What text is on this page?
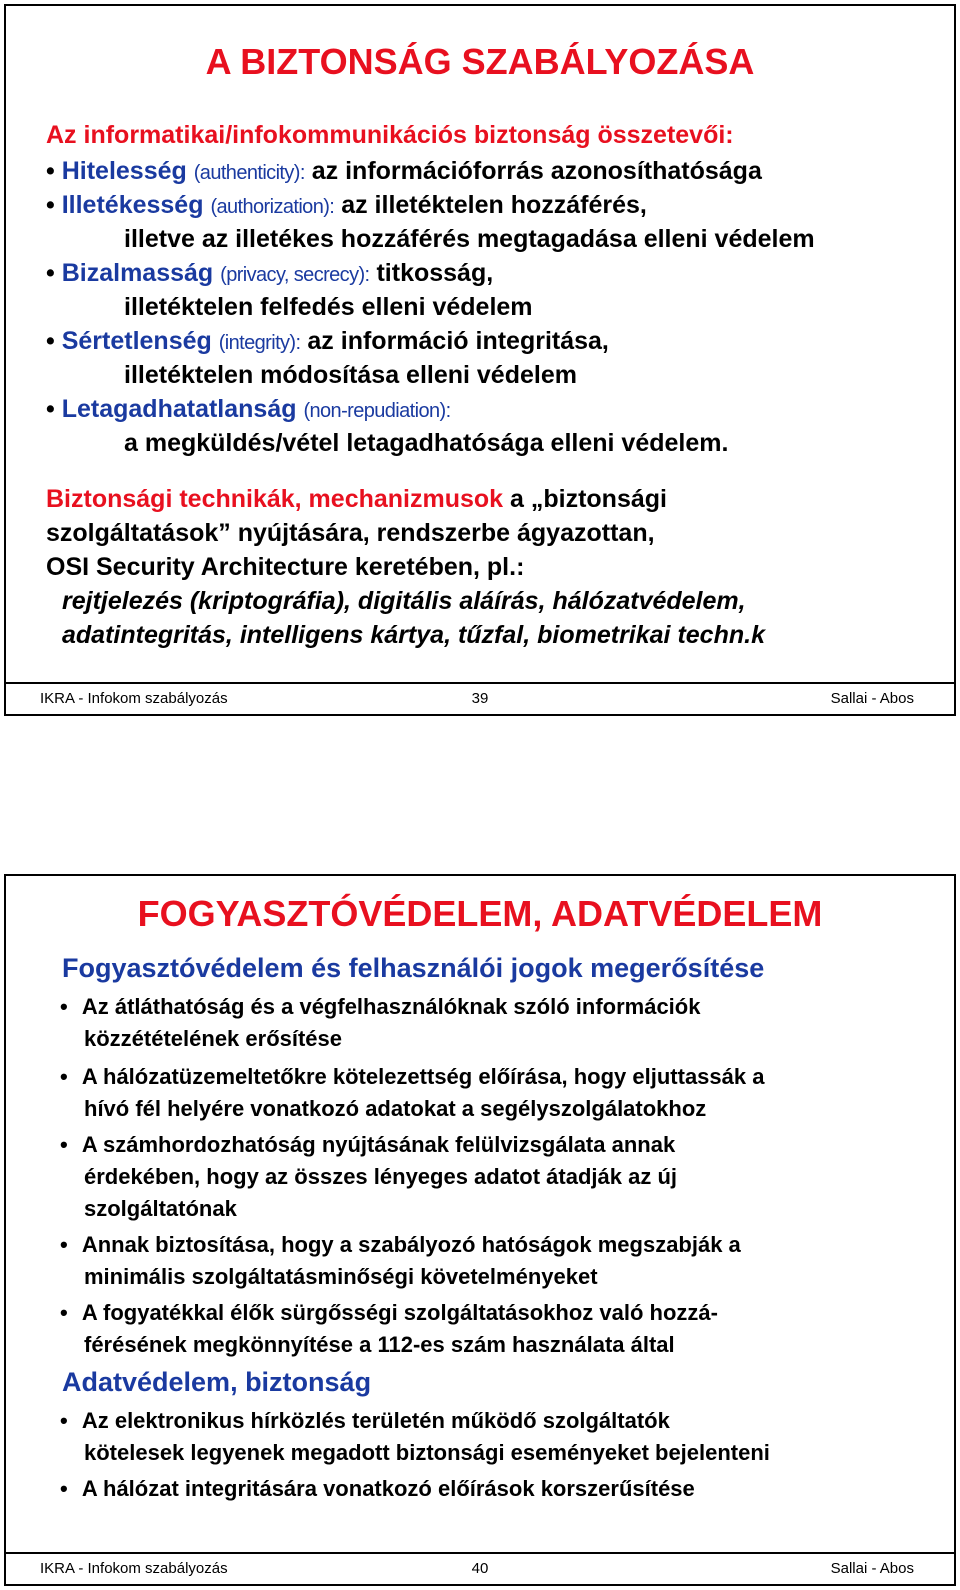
A BIZTONSÁG SZABÁLYOZÁSA
Az informatikai/infokommunikációs biztonság összetevői:
• Hitelesség (authenticity): az információforrás azonosíthatósága
• Illetékesség (authorization): az illetéktelen hozzáférés,
illetve az illetékes hozzáférés megtagadása elleni védelem
• Bizalmasság (privacy, secrecy): titkosság,
illetéktelen felfedés elleni védelem
• Sértetlenség (integrity): az információ integritása,
illetéktelen módosítása elleni védelem
• Letagadhatatlanság (non-repudiation):
a megküldés/vétel letagadhatósága elleni védelem.
Biztonsági technikák, mechanizmusok a „biztonsági
szolgáltatások” nyújtására, rendszerbe ágyazottan,
OSI Security Architecture keretében, pl.:
rejtjelezés (kriptográfia), digitális aláírás, hálózatvédelem,
adatintegritás, intelligens kártya, tűzfal, biometrikai techn.k
IKRA - Infokom szabályozás	39	Sallai - Abos
FOGYASZTÓVÉDELEM, ADATVÉDELEM
Fogyasztóvédelem és felhasználói jogok megerősítése
• Az átláthatóság és a végfelhasználóknak szóló információk
közzétételének erősítése
• A hálózatüzemeltetőkre kötelezettség előírása, hogy eljuttassák a
hívó fél helyére vonatkozó adatokat a segélyszolgálatokhoz
• A számhordozhatóság nyújtásának felülvizsgálata annak
érdekében, hogy az összes lényeges adatot átadják az új
szolgáltatónak
• Annak biztosítása, hogy a szabályozó hatóságok megszabják a
minimális szolgáltatásminőségi követelményeket
• A fogyatékkal élők sürgősségi szolgáltatásokhoz való hozzá-
férésének megkönnyítése a 112-es szám használata által
Adatvédelem, biztonság
• Az elektronikus hírközlés területén működő szolgáltatók
kötelesek legyenek megadott biztonsági eseményeket bejelenteni
• A hálózat integritására vonatkozó előírások korszerűsítése
IKRA - Infokom szabályozás	40	Sallai - Abos
